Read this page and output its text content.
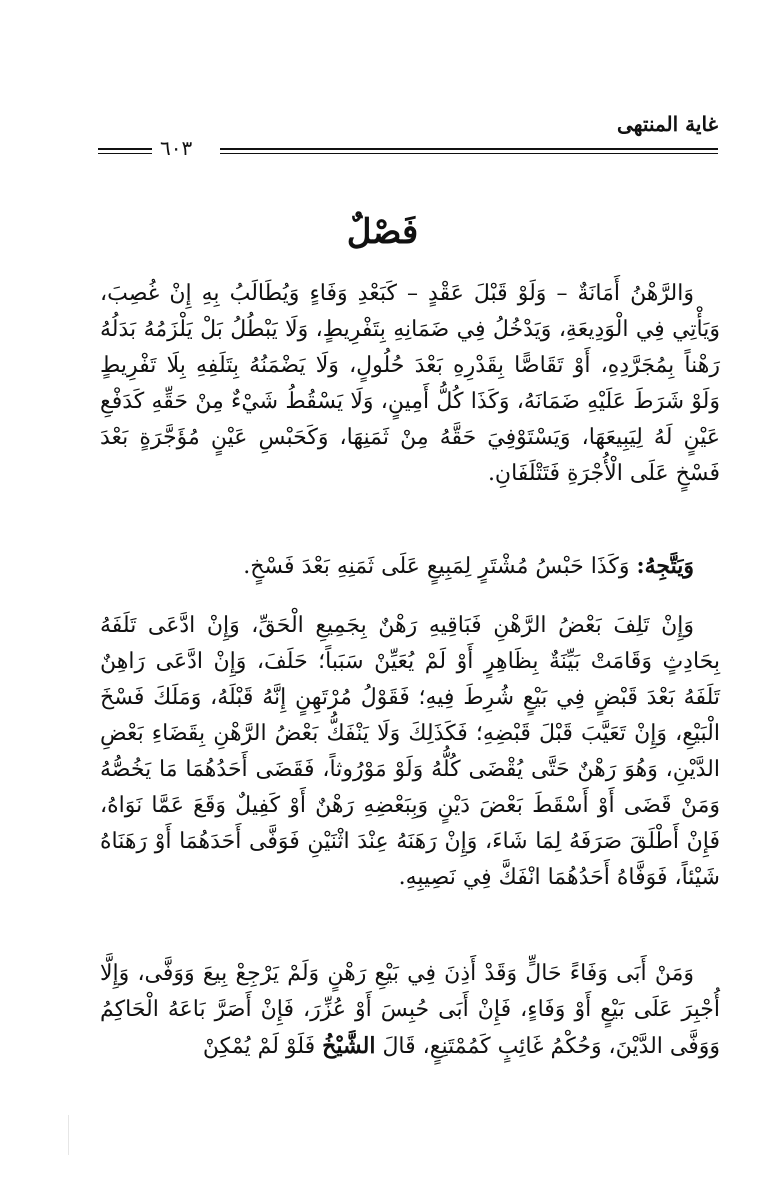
غاية المنتهى
٦٠٣
فَصْلٌ
وَالرَّهْنُ أَمَانَةٌ – وَلَوْ قَبْلَ عَقْدٍ – كَبَعْدِ وَفَاءٍ وَيُطَالَبُ بِهِ إِنْ غُصِبَ، وَيَأْتِي فِي الْوَدِيعَةِ، وَيَدْخُلُ فِي ضَمَانِهِ بِتَفْرِيطٍ، وَلَا يَبْطُلُ بَلْ يَلْزَمُهُ بَدَلُهُ رَهْناً بِمُجَرَّدِهِ، أَوْ تَقَاصًّا بِقَدْرِهِ بَعْدَ حُلُولٍ، وَلَا يَضْمَنُهُ بِتَلَفِهِ بِلَا تَفْرِيطٍ وَلَوْ شَرَطَ عَلَيْهِ ضَمَانَهُ، وَكَذَا كُلُّ أَمِينٍ، وَلَا يَسْقُطُ شَيْءٌ مِنْ حَقِّهِ كَدَفْعِ عَيْنٍ لَهُ لِيَبِيعَهَا، وَيَسْتَوْفِيَ حَقَّهُ مِنْ ثَمَنِهَا، وَكَحَبْسِ عَيْنٍ مُؤَجَّرَةٍ بَعْدَ فَسْخٍ عَلَى الْأُجْرَةِ فَتَتْلَفَانِ.
وَيَتَّجِهُ: وَكَذَا حَبْسُ مُشْتَرٍ لِمَبِيعٍ عَلَى ثَمَنِهِ بَعْدَ فَسْخٍ.
وَإِنْ تَلِفَ بَعْضُ الرَّهْنِ فَبَاقِيهِ رَهْنٌ بِجَمِيعِ الْحَقِّ، وَإِنْ ادَّعَى تَلَفَهُ بِحَادِثٍ وَقَامَتْ بَيِّنَةٌ بِظَاهِرٍ أَوْ لَمْ يُعَيِّنْ سَبَباً؛ حَلَفَ، وَإِنْ ادَّعَى رَاهِنٌ تَلَفَهُ بَعْدَ قَبْضٍ فِي بَيْعٍ شُرِطَ فِيهِ؛ فَقَوْلُ مُرْتَهِنٍ إِنَّهُ قَبْلَهُ، وَمَلَكَ فَسْخَ الْبَيْعِ، وَإِنْ تَعَيَّبَ قَبْلَ قَبْضِهِ؛ فَكَذَلِكَ وَلَا يَنْفَكُّ بَعْضُ الرَّهْنِ بِقَضَاءِ بَعْضِ الدَّيْنِ، وَهُوَ رَهْنٌ حَتَّى يُقْضَى كُلُّهُ وَلَوْ مَوْرُوثاً، فَقَضَى أَحَدُهُمَا مَا يَخُصُّهُ وَمَنْ قَضَى أَوْ أَسْقَطَ بَعْضَ دَيْنٍ وَبِبَعْضِهِ رَهْنٌ أَوْ كَفِيلٌ وَقَعَ عَمَّا نَوَاهُ، فَإِنْ أَطْلَقَ صَرَفَهُ لِمَا شَاءَ، وَإِنْ رَهَنَهُ عِنْدَ اثْنَيْنِ فَوَفَّى أَحَدَهُمَا أَوْ رَهَنَاهُ شَيْئاً، فَوَفَّاهُ أَحَدُهُمَا انْفَكَّ فِي نَصِيبِهِ.
وَمَنْ أَبَى وَفَاءً حَالٍّ وَقَدْ أَذِنَ فِي بَيْعِ رَهْنٍ وَلَمْ يَرْجِعْ بِيعَ وَوَفَّى، وَإِلَّا أُجْبِرَ عَلَى بَيْعٍ أَوْ وَفَاءٍ، فَإِنْ أَبَى حُبِسَ أَوْ عُزِّرَ، فَإِنْ أَصَرَّ بَاعَهُ الْحَاكِمُ وَوَفَّى الدَّيْنَ، وَحُكْمُ غَائِبٍ كَمُمْتَنِعٍ، قَالَ الشَّيْخُ فَلَوْ لَمْ يُمْكِنْ
